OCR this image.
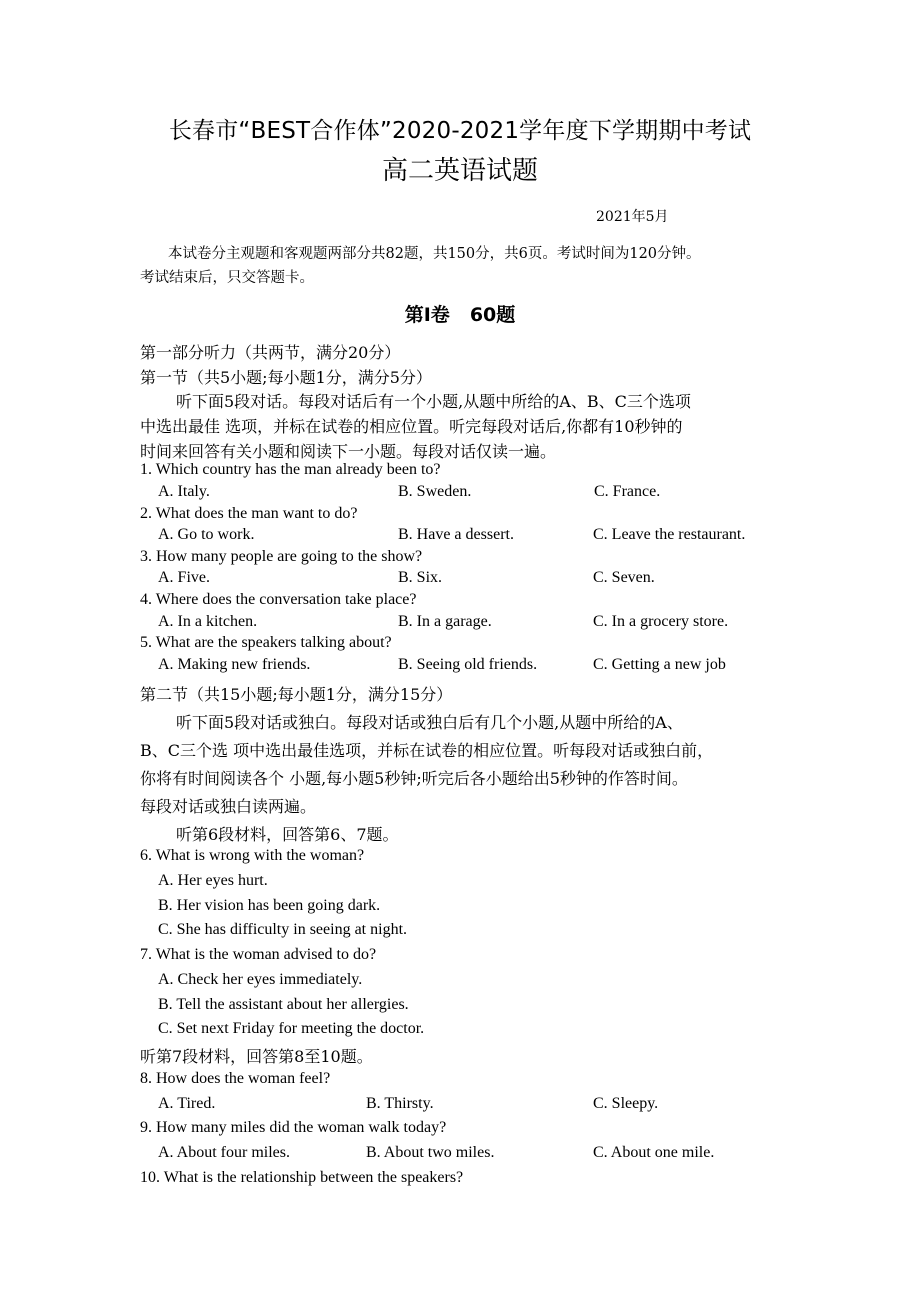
长春市“BEST合作体”2020-2021学年度下学期期中考试
高二英语试题
2021年5月
本试卷分主观题和客观题两部分共82题，共150分，共6页。考试时间为120分钟。
考试结束后，只交答题卡。
第Ⅰ卷 60题
第一部分听力（共两节，满分20分）
第一节（共5小题;每小题1分，满分5分）
听下面5段对话。每段对话后有一个小题,从题中所给的A、B、C三个选项
中选出最佳 选项，并标在试卷的相应位置。听完每段对话后,你都有10秒钟的
时间来回答有关小题和阅读下一小题。每段对话仅读一遍。
1. Which country has the man already been to?
A. Italy.	B. Sweden.	C. France.
2. What does the man want to do?
A. Go to work.	B. Have a dessert.	C. Leave the restaurant.
3. How many people are going to the show?
A. Five.	B. Six.	C. Seven.
4. Where does the conversation take place?
A. In a kitchen.	B. In a garage.	C. In a grocery store.
5. What are the speakers talking about?
A. Making new friends.	B. Seeing old friends.	C. Getting a new job
第二节（共15小题;每小题1分，满分15分）
听下面5段对话或独白。每段对话或独白后有几个小题,从题中所给的A、
B、C三个选 项中选出最佳选项，并标在试卷的相应位置。听每段对话或独白前，
你将有时间阅读各个 小题,每小题5秒钟;听完后各小题给出5秒钟的作答时间。
每段对话或独白读两遍。
听第6段材料，回答第6、7题。
6. What is wrong with the woman?
A. Her eyes hurt.
B. Her vision has been going dark.
C. She has difficulty in seeing at night.
7. What is the woman advised to do?
A. Check her eyes immediately.
B. Tell the assistant about her allergies.
C. Set next Friday for meeting the doctor.
听第7段材料，回答第8至10题。
8. How does the woman feel?
A. Tired.	B. Thirsty.	C. Sleepy.
9. How many miles did the woman walk today?
A. About four miles.	B. About two miles.	C. About one mile.
10. What is the relationship between the speakers?
